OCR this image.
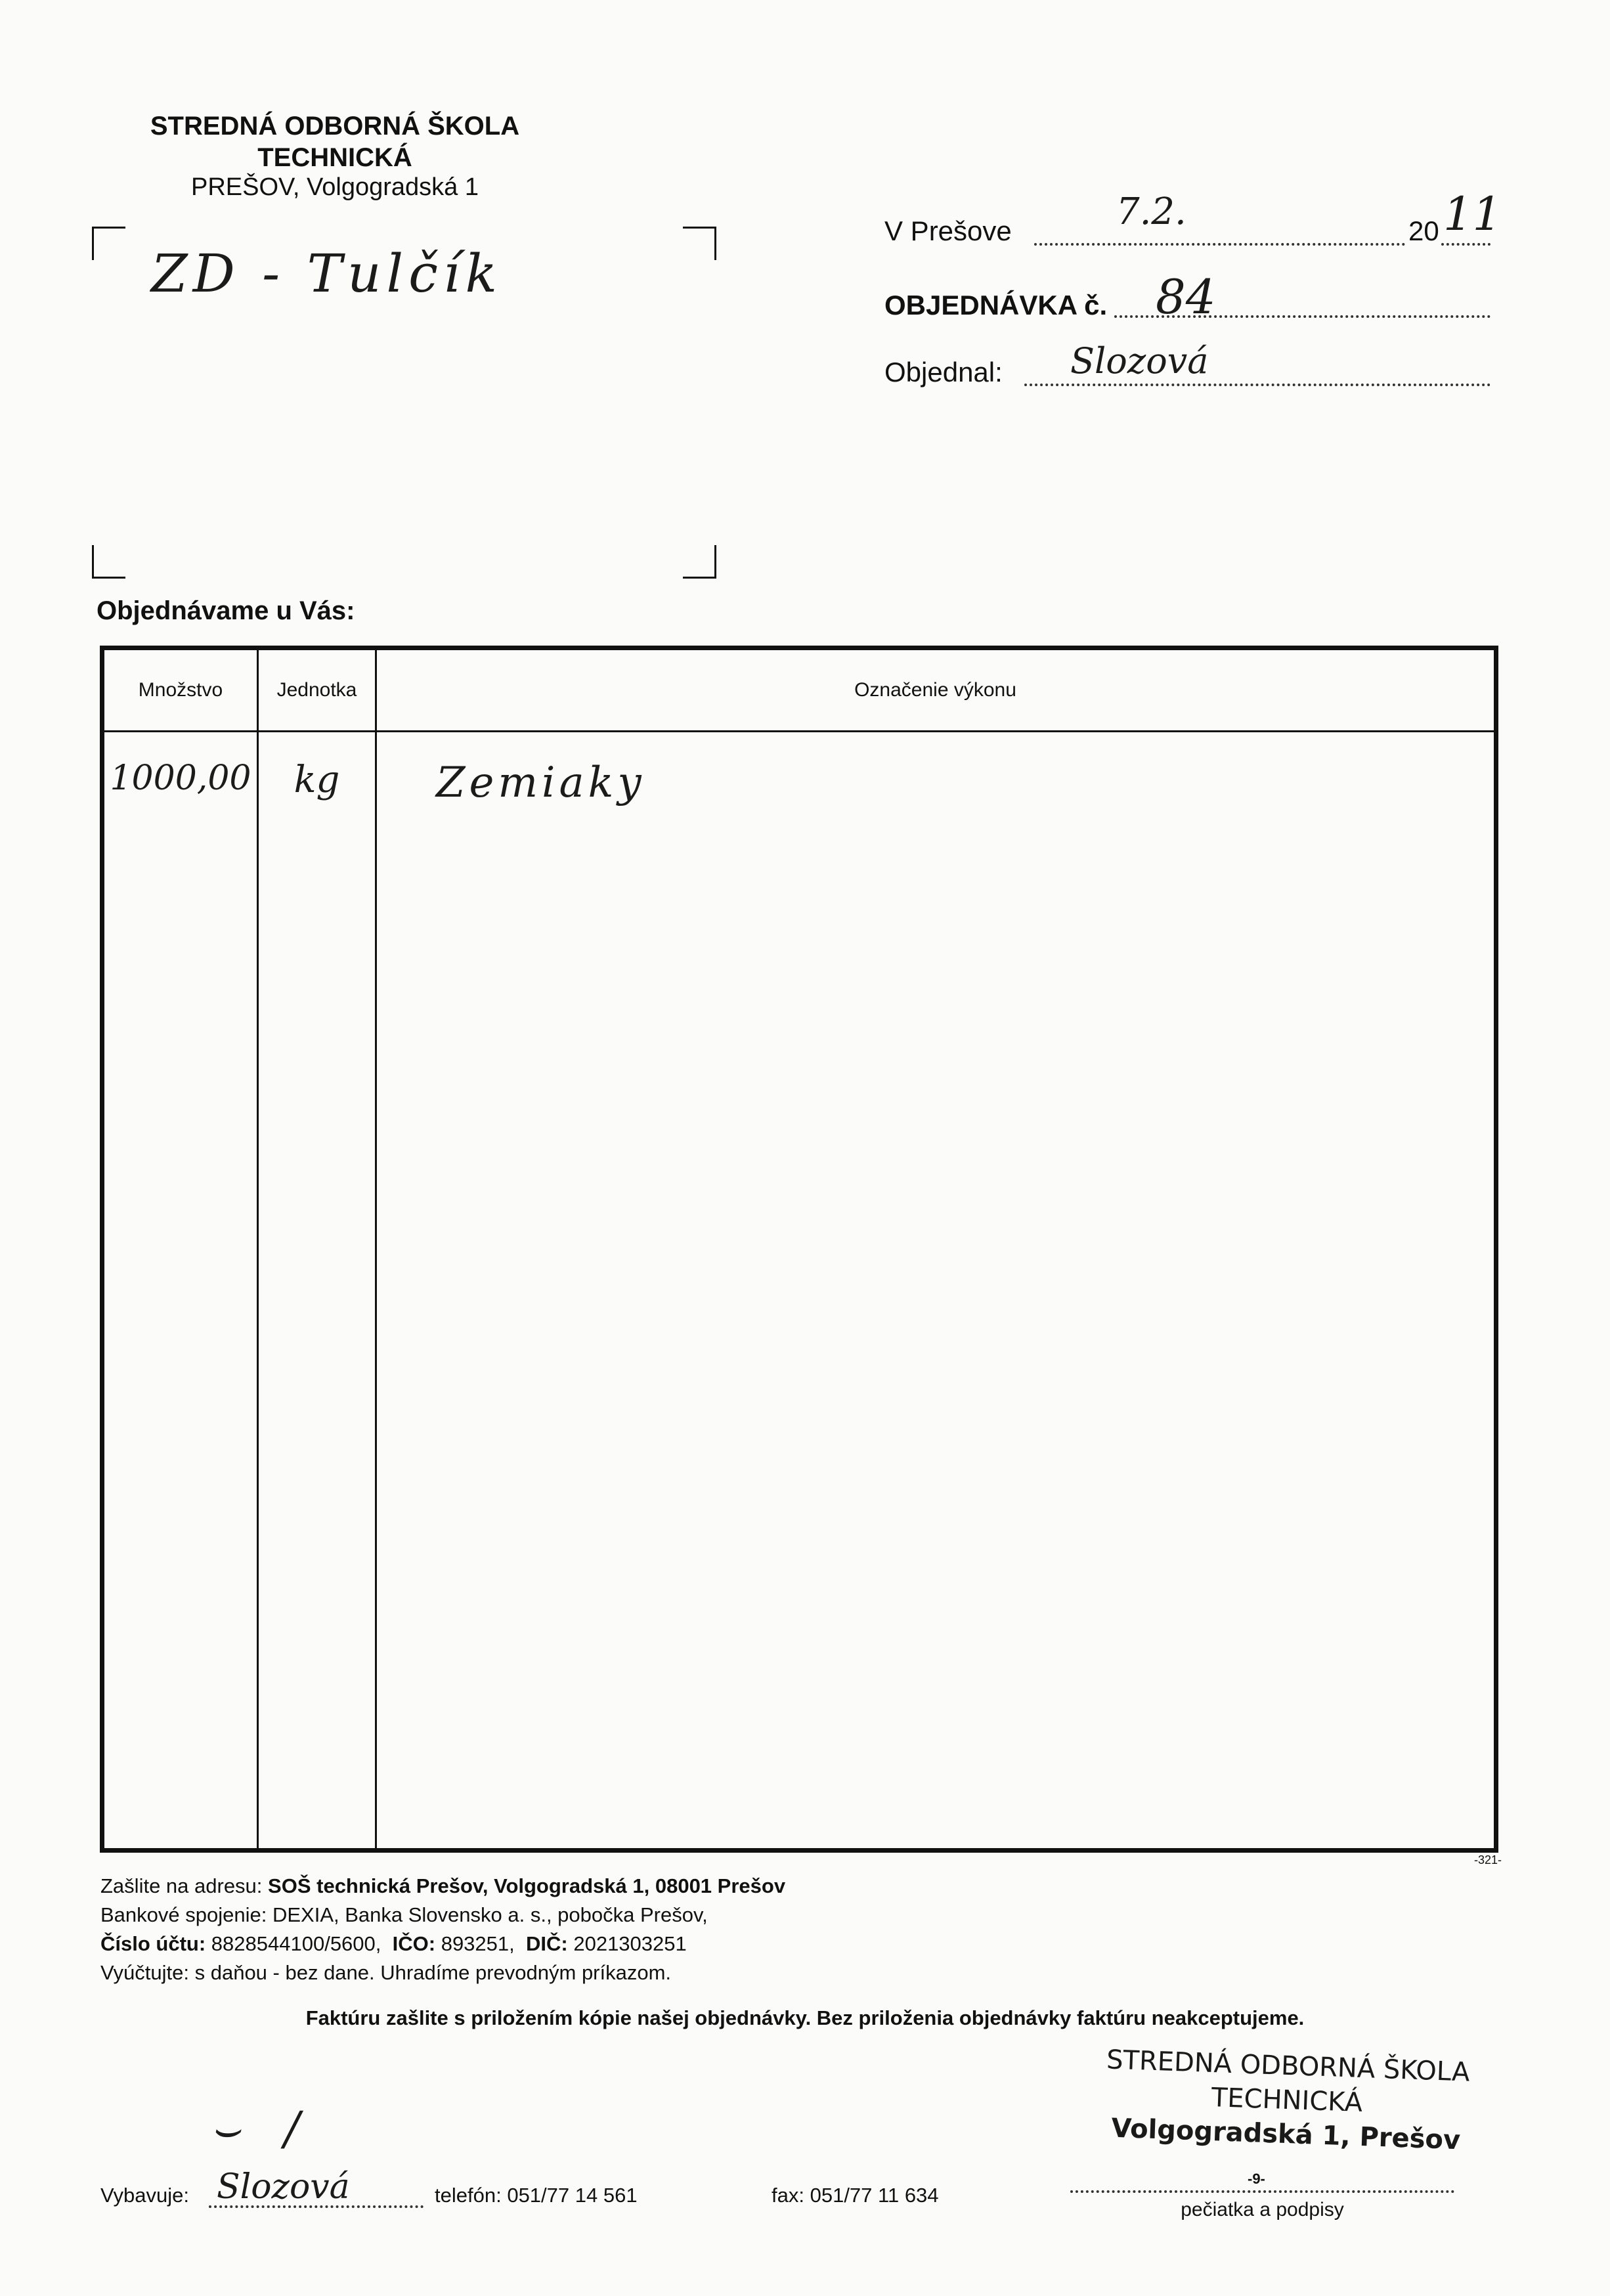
STREDNÁ ODBORNÁ ŠKOLA TECHNICKÁ
PREŠOV, Volgogradská 1
ZD - Tulčík
V Prešove	7.2.	20 11
OBJEDNÁVKA č. 84
Objednal: Slozová
Objednávame u Vás:
Množstvo	Jednotka	Označenie výkonu
1000,00	kg	Zemiaky
-321-
Zašlite na adresu: SOŠ technická Prešov, Volgogradská 1, 08001 Prešov
Bankové spojenie: DEXIA, Banka Slovensko a. s., pobočka Prešov,
Číslo účtu: 8828544100/5600, IČO: 893251, DIČ: 2021303251
Vyúčtujte: s daňou - bez dane. Uhradíme prevodným príkazom.
Faktúru zašlite s priložením kópie našej objednávky. Bez priloženia objednávky faktúru neakceptujeme.
STREDNÁ ODBORNÁ ŠKOLA
TECHNICKÁ
Volgogradská 1, Prešov
-9-
Vybavuje: Slozová
⌣   /
telefón: 051/77 14 561	fax: 051/77 11 634
pečiatka a podpisy
